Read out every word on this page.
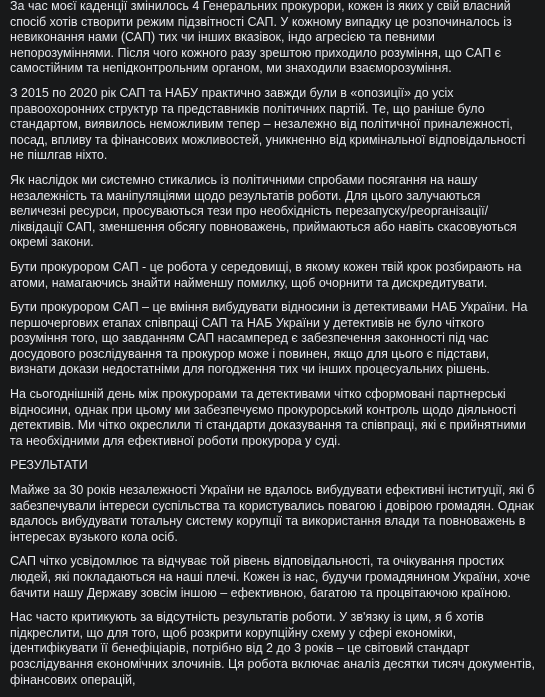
За час моєї каденції змінилось 4 Генеральних прокурори, кожен із яких у свій власний спосіб хотів створити режим підзвітності САП. У кожному випадку це розпочиналось із невиконання нами (САП) тих чи інших вказівок, індо агресією та певними непорозуміннями. Після чого кожного разу зрештою приходило розуміння, що САП є самостійним та непідконтрольним органом, ми знаходили взаєморозуміння.

З 2015 по 2020 рік САП та НАБУ практично завжди були в «опозиції» до усіх правоохоронних структур та представників політичних партій. Те, що раніше було стандартом, виявилось неможливим тепер – незалежно від політичної приналежності, посад, впливу та фінансових можливостей, уникненно від кримінальної відповідальності не пішлгав ніхто.

Як наслідок ми системно стикались із політичними спробами посягання на нашу незалежність та маніпуляціями щодо результатів роботи. Для цього залучаються величезні ресурси, просуваються тези про необхідність перезапуску/реорганізації/ліквідації САП, зменшення обсягу повноважень, приймаються або навіть скасовуються окремі закони.

Бути прокурором САП - це робота у середовищі, в якому кожен твій крок розбирають на атоми, намагаючись знайти найменшу помилку, щоб очорнити та дискредитувати.

Бути прокурором САП – це вміння вибудувати відносини із детективами НАБ України. На першочергових етапах співпраці САП та НАБ України у детективів не було чіткого розуміння того, що завданням САП насамперед є забезпечення законності під час досудового розслідування та прокурор може і повинен, якщо для цього є підстави, визнати докази недостатніми для погодження тих чи інших процесуальних рішень.

На сьогоднішній день між прокурорами та детективами чітко сформовані партнерські відносини, однак при цьому ми забезпечуємо прокурорський контроль щодо діяльності детективів. Ми чітко окреслили ті стандарти доказування та співпраці, які є прийнятними та необхідними для ефективної роботи прокурора у суді.

РЕЗУЛЬТАТИ

Майже за 30 років незалежності України не вдалось вибудувати ефективні інституції, які б забезпечували інтереси суспільства та користувались повагою і довірою громадян. Однак вдалось вибудувати тотальну систему корупції та використання влади та повноважень в інтересах вузького кола осіб.

САП чітко усвідомлює та відчуває той рівень відповідальності, та очікування простих людей, які покладаються на наші плечі. Кожен із нас, будучи громадянином України, хоче бачити нашу Державу зовсім іншою – ефективною, багатою та процвітаючою країною.

Нас часто критикують за відсутність результатів роботи. У зв'язку із цим, я б хотів підкреслити, що для того, щоб розкрити корупційну схему у сфері економіки, ідентифікувати її бенефіціарів, потрібно від 2 до 3 років – це світовий стандарт розслідування економічних злочинів. Ця робота включає аналіз десятки тисяч документів, фінансових операцій,
